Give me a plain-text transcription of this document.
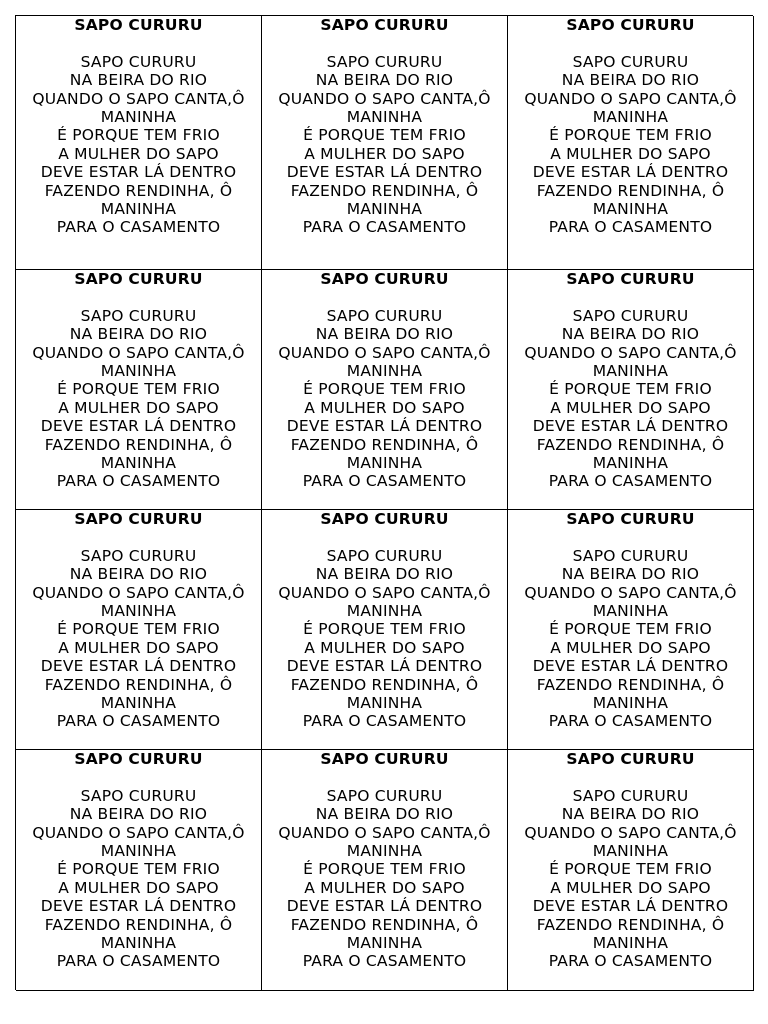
SAPO CURURU
SAPO CURURU
NA BEIRA DO RIO
QUANDO O SAPO CANTA,Ô MANINHA
É PORQUE TEM FRIO
A MULHER DO SAPO
DEVE ESTAR LÁ DENTRO
FAZENDO RENDINHA, Ô MANINHA
PARA O CASAMENTO
SAPO CURURU
SAPO CURURU
NA BEIRA DO RIO
QUANDO O SAPO CANTA,Ô MANINHA
É PORQUE TEM FRIO
A MULHER DO SAPO
DEVE ESTAR LÁ DENTRO
FAZENDO RENDINHA, Ô MANINHA
PARA O CASAMENTO
SAPO CURURU
SAPO CURURU
NA BEIRA DO RIO
QUANDO O SAPO CANTA,Ô MANINHA
É PORQUE TEM FRIO
A MULHER DO SAPO
DEVE ESTAR LÁ DENTRO
FAZENDO RENDINHA, Ô MANINHA
PARA O CASAMENTO
SAPO CURURU
SAPO CURURU
NA BEIRA DO RIO
QUANDO O SAPO CANTA,Ô MANINHA
É PORQUE TEM FRIO
A MULHER DO SAPO
DEVE ESTAR LÁ DENTRO
FAZENDO RENDINHA, Ô MANINHA
PARA O CASAMENTO
SAPO CURURU
SAPO CURURU
NA BEIRA DO RIO
QUANDO O SAPO CANTA,Ô MANINHA
É PORQUE TEM FRIO
A MULHER DO SAPO
DEVE ESTAR LÁ DENTRO
FAZENDO RENDINHA, Ô MANINHA
PARA O CASAMENTO
SAPO CURURU
SAPO CURURU
NA BEIRA DO RIO
QUANDO O SAPO CANTA,Ô MANINHA
É PORQUE TEM FRIO
A MULHER DO SAPO
DEVE ESTAR LÁ DENTRO
FAZENDO RENDINHA, Ô MANINHA
PARA O CASAMENTO
SAPO CURURU
SAPO CURURU
NA BEIRA DO RIO
QUANDO O SAPO CANTA,Ô MANINHA
É PORQUE TEM FRIO
A MULHER DO SAPO
DEVE ESTAR LÁ DENTRO
FAZENDO RENDINHA, Ô MANINHA
PARA O CASAMENTO
SAPO CURURU
SAPO CURURU
NA BEIRA DO RIO
QUANDO O SAPO CANTA,Ô MANINHA
É PORQUE TEM FRIO
A MULHER DO SAPO
DEVE ESTAR LÁ DENTRO
FAZENDO RENDINHA, Ô MANINHA
PARA O CASAMENTO
SAPO CURURU
SAPO CURURU
NA BEIRA DO RIO
QUANDO O SAPO CANTA,Ô MANINHA
É PORQUE TEM FRIO
A MULHER DO SAPO
DEVE ESTAR LÁ DENTRO
FAZENDO RENDINHA, Ô MANINHA
PARA O CASAMENTO
SAPO CURURU
SAPO CURURU
NA BEIRA DO RIO
QUANDO O SAPO CANTA,Ô MANINHA
É PORQUE TEM FRIO
A MULHER DO SAPO
DEVE ESTAR LÁ DENTRO
FAZENDO RENDINHA, Ô MANINHA
PARA O CASAMENTO
SAPO CURURU
SAPO CURURU
NA BEIRA DO RIO
QUANDO O SAPO CANTA,Ô MANINHA
É PORQUE TEM FRIO
A MULHER DO SAPO
DEVE ESTAR LÁ DENTRO
FAZENDO RENDINHA, Ô MANINHA
PARA O CASAMENTO
SAPO CURURU
SAPO CURURU
NA BEIRA DO RIO
QUANDO O SAPO CANTA,Ô MANINHA
É PORQUE TEM FRIO
A MULHER DO SAPO
DEVE ESTAR LÁ DENTRO
FAZENDO RENDINHA, Ô MANINHA
PARA O CASAMENTO
